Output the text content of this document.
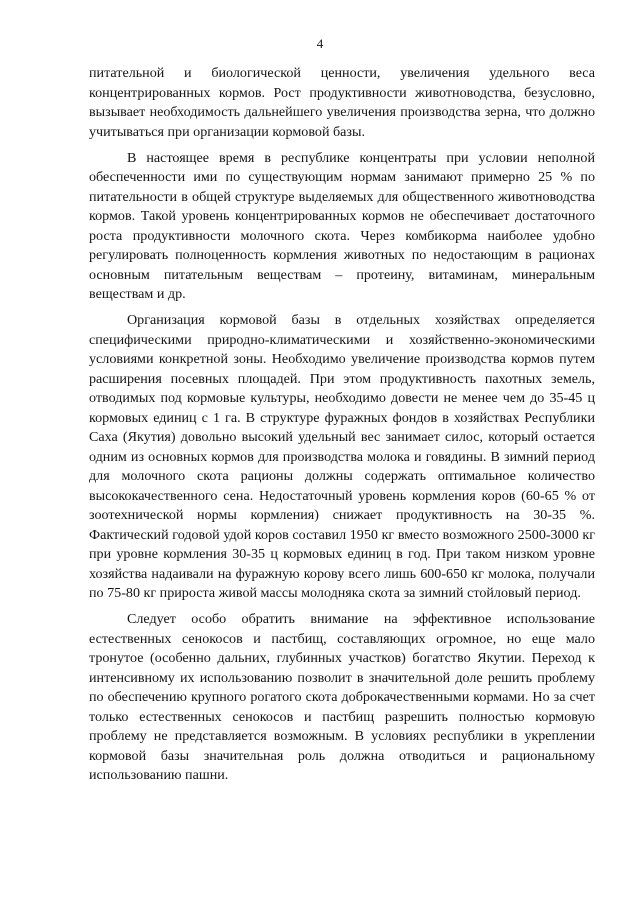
4

питательной и биологической ценности, увеличения удельного веса концентрированных кормов. Рост продуктивности животноводства, безусловно, вызывает необходимость дальнейшего увеличения производства зерна, что должно учитываться при организации кормовой базы.

В настоящее время в республике концентраты при условии неполной обеспеченности ими по существующим нормам занимают примерно 25 % по питательности в общей структуре выделяемых для общественного животноводства кормов. Такой уровень концентрированных кормов не обеспечивает достаточного роста продуктивности молочного скота. Через комбикорма наиболее удобно регулировать полноценность кормления животных по недостающим в рационах основным питательным веществам – протеину, витаминам, минеральным веществам и др.

Организация кормовой базы в отдельных хозяйствах определяется специфическими природно-климатическими и хозяйственно-экономическими условиями конкретной зоны. Необходимо увеличение производства кормов путем расширения посевных площадей. При этом продуктивность пахотных земель, отводимых под кормовые культуры, необходимо довести не менее чем до 35-45 ц кормовых единиц с 1 га. В структуре фуражных фондов в хозяйствах Республики Саха (Якутия) довольно высокий удельный вес занимает силос, который остается одним из основных кормов для производства молока и говядины. В зимний период для молочного скота рационы должны содержать оптимальное количество высококачественного сена. Недостаточный уровень кормления коров (60-65 % от зоотехнической нормы кормления) снижает продуктивность на 30-35 %. Фактический годовой удой коров составил 1950 кг вместо возможного 2500-3000 кг при уровне кормления 30-35 ц кормовых единиц в год. При таком низком уровне хозяйства надаивали на фуражную корову всего лишь 600-650 кг молока, получали по 75-80 кг прироста живой массы молодняка скота за зимний стойловый период.

Следует особо обратить внимание на эффективное использование естественных сенокосов и пастбищ, составляющих огромное, но еще мало тронутое (особенно дальних, глубинных участков) богатство Якутии. Переход к интенсивному их использованию позволит в значительной доле решить проблему по обеспечению крупного рогатого скота доброкачественными кормами. Но за счет только естественных сенокосов и пастбищ разрешить полностью кормовую проблему не представляется возможным. В условиях республики в укреплении кормовой базы значительная роль должна отводиться и рациональному использованию пашни.
